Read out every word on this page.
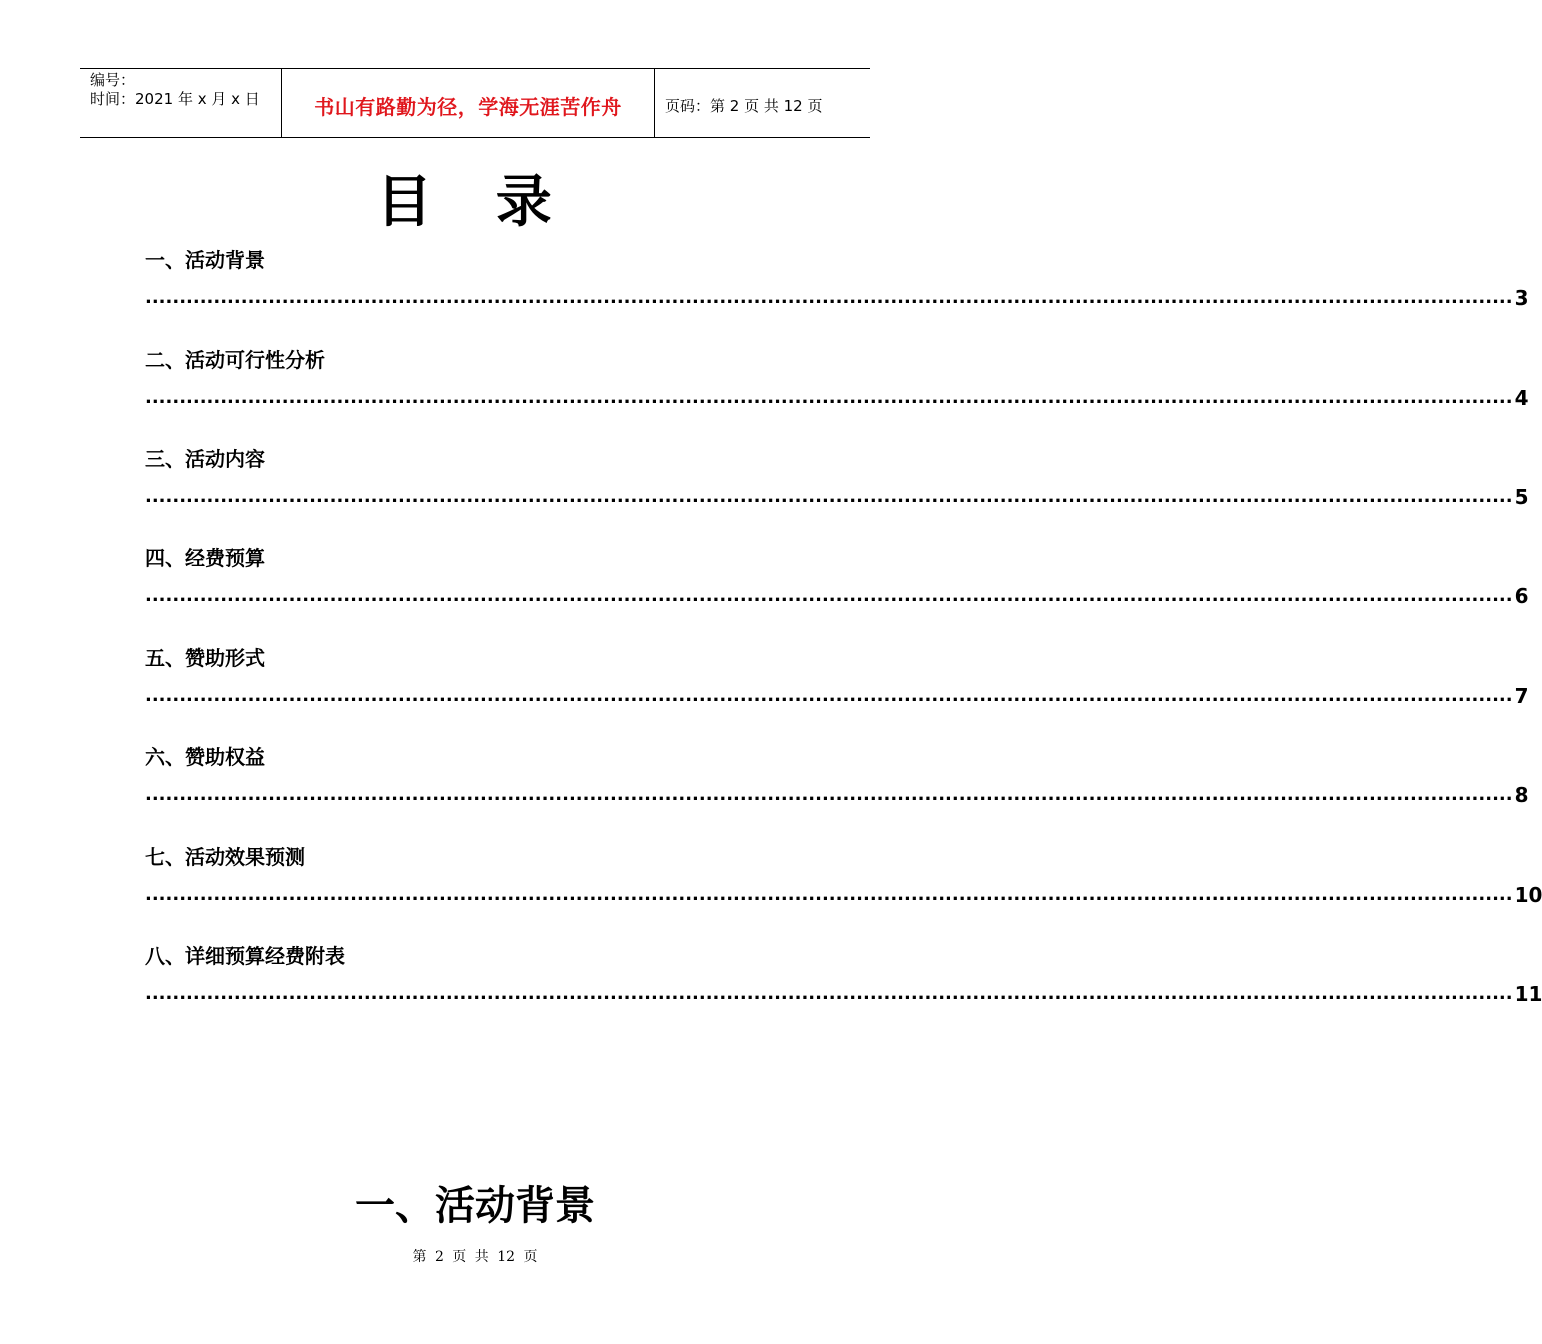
编号：
时间：2021 年 x 月 x 日	书山有路勤为径，学海无涯苦作舟	页码：第 2 页 共 12 页
目 录
一、活动背景
........................................................................................................................................................................................................ 3
二、活动可行性分析
........................................................................................................................................................................................................ 4
三、活动内容
........................................................................................................................................................................................................ 5
四、经费预算
........................................................................................................................................................................................................ 6
五、赞助形式
........................................................................................................................................................................................................ 7
六、赞助权益
........................................................................................................................................................................................................ 8
七、活动效果预测
........................................................................................................................................................................................................ 10
八、详细预算经费附表
........................................................................................................................................................................................................ 11
一、活动背景
第 2 页 共 12 页
